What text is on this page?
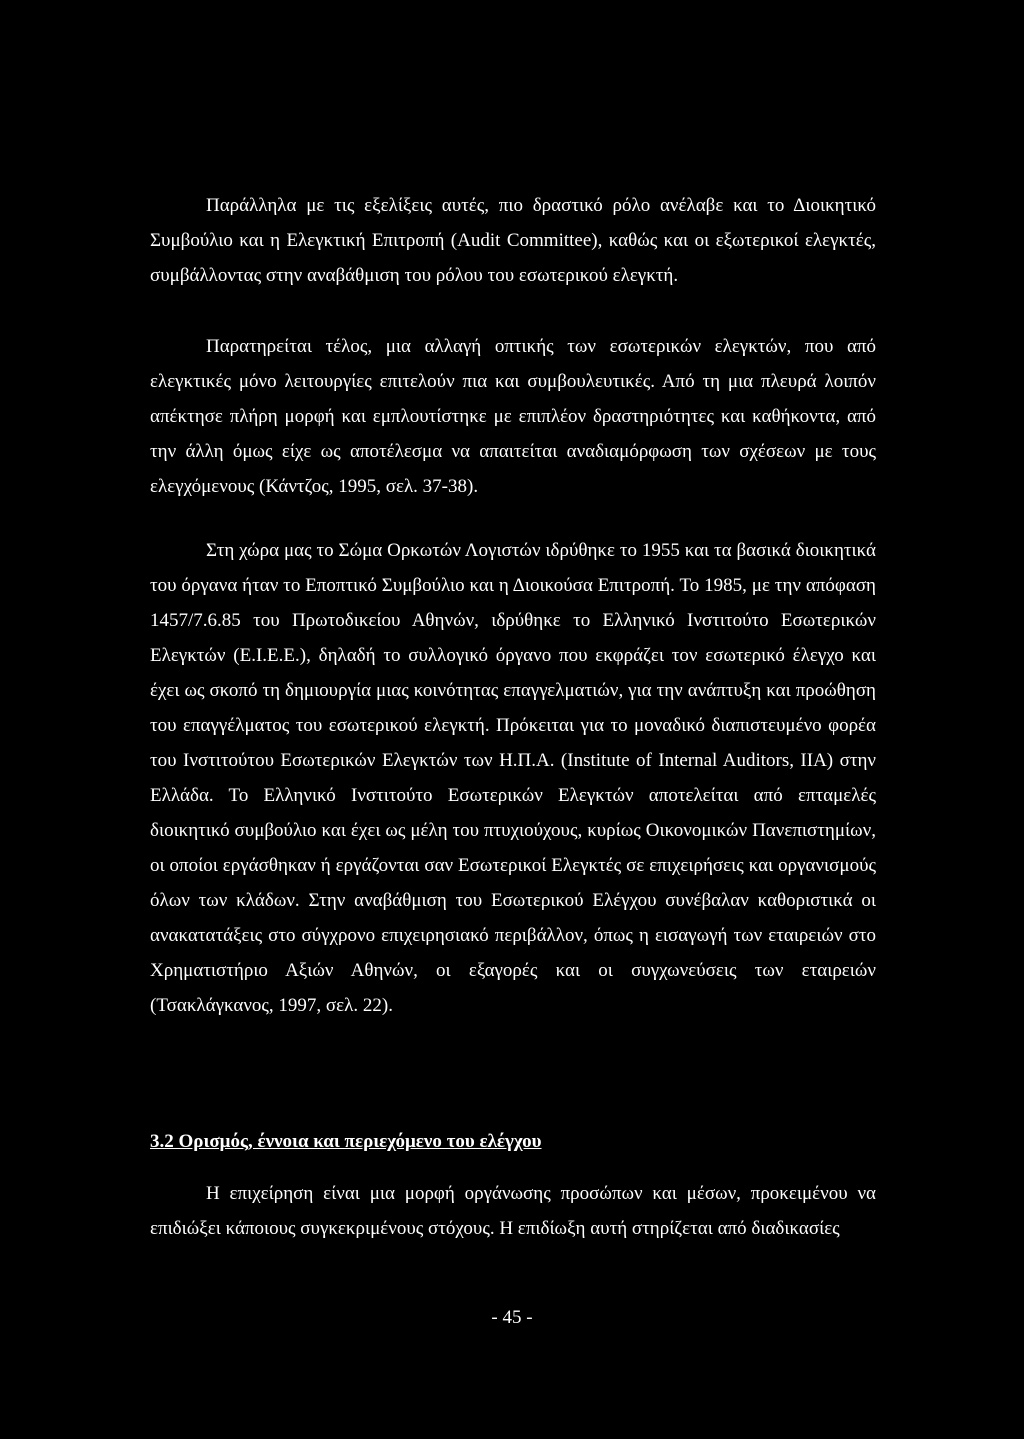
Παράλληλα με τις εξελίξεις αυτές, πιο δραστικό ρόλο ανέλαβε και το Διοικητικό Συμβούλιο και η Ελεγκτική Επιτροπή (Audit Committee), καθώς και οι εξωτερικοί ελεγκτές, συμβάλλοντας στην αναβάθμιση του ρόλου του εσωτερικού ελεγκτή.

Παρατηρείται τέλος, μια αλλαγή οπτικής των εσωτερικών ελεγκτών, που από ελεγκτικές μόνο λειτουργίες επιτελούν πια και συμβουλευτικές. Από τη μια πλευρά λοιπόν απέκτησε πλήρη μορφή και εμπλουτίστηκε με επιπλέον δραστηριότητες και καθήκοντα, από την άλλη όμως είχε ως αποτέλεσμα να απαιτείται αναδιαμόρφωση των σχέσεων με τους ελεγχόμενους (Κάντζος, 1995, σελ. 37-38).

Στη χώρα μας το Σώμα Ορκωτών Λογιστών ιδρύθηκε το 1955 και τα βασικά διοικητικά του όργανα ήταν το Εποπτικό Συμβούλιο και η Διοικούσα Επιτροπή. Το 1985, με την απόφαση 1457/7.6.85 του Πρωτοδικείου Αθηνών, ιδρύθηκε το Ελληνικό Ινστιτούτο Εσωτερικών Ελεγκτών (Ε.Ι.Ε.Ε.), δηλαδή το συλλογικό όργανο που εκφράζει τον εσωτερικό έλεγχο και έχει ως σκοπό τη δημιουργία μιας κοινότητας επαγγελματιών, για την ανάπτυξη και προώθηση του επαγγέλματος του εσωτερικού ελεγκτή. Πρόκειται για το μοναδικό διαπιστευμένο φορέα του Ινστιτούτου Εσωτερικών Ελεγκτών των Η.Π.Α. (Institute of Internal Auditors, ΙΙΑ) στην Ελλάδα. Το Ελληνικό Ινστιτούτο Εσωτερικών Ελεγκτών αποτελείται από επταμελές διοικητικό συμβούλιο και έχει ως μέλη του πτυχιούχους, κυρίως Οικονομικών Πανεπιστημίων, οι οποίοι εργάσθηκαν ή εργάζονται σαν Εσωτερικοί Ελεγκτές σε επιχειρήσεις και οργανισμούς όλων των κλάδων. Στην αναβάθμιση του Εσωτερικού Ελέγχου συνέβαλαν καθοριστικά οι ανακατατάξεις στο σύγχρονο επιχειρησιακό περιβάλλον, όπως η εισαγωγή των εταιρειών στο Χρηματιστήριο Αξιών Αθηνών, οι εξαγορές και οι συγχωνεύσεις των εταιρειών (Τσακλάγκανος, 1997, σελ. 22).

3.2 Ορισμός, έννοια και περιεχόμενο του ελέγχου

Η επιχείρηση είναι μια μορφή οργάνωσης προσώπων και μέσων, προκειμένου να επιδιώξει κάποιους συγκεκριμένους στόχους. Η επιδίωξη αυτή στηρίζεται από διαδικασίες

- 45 -
